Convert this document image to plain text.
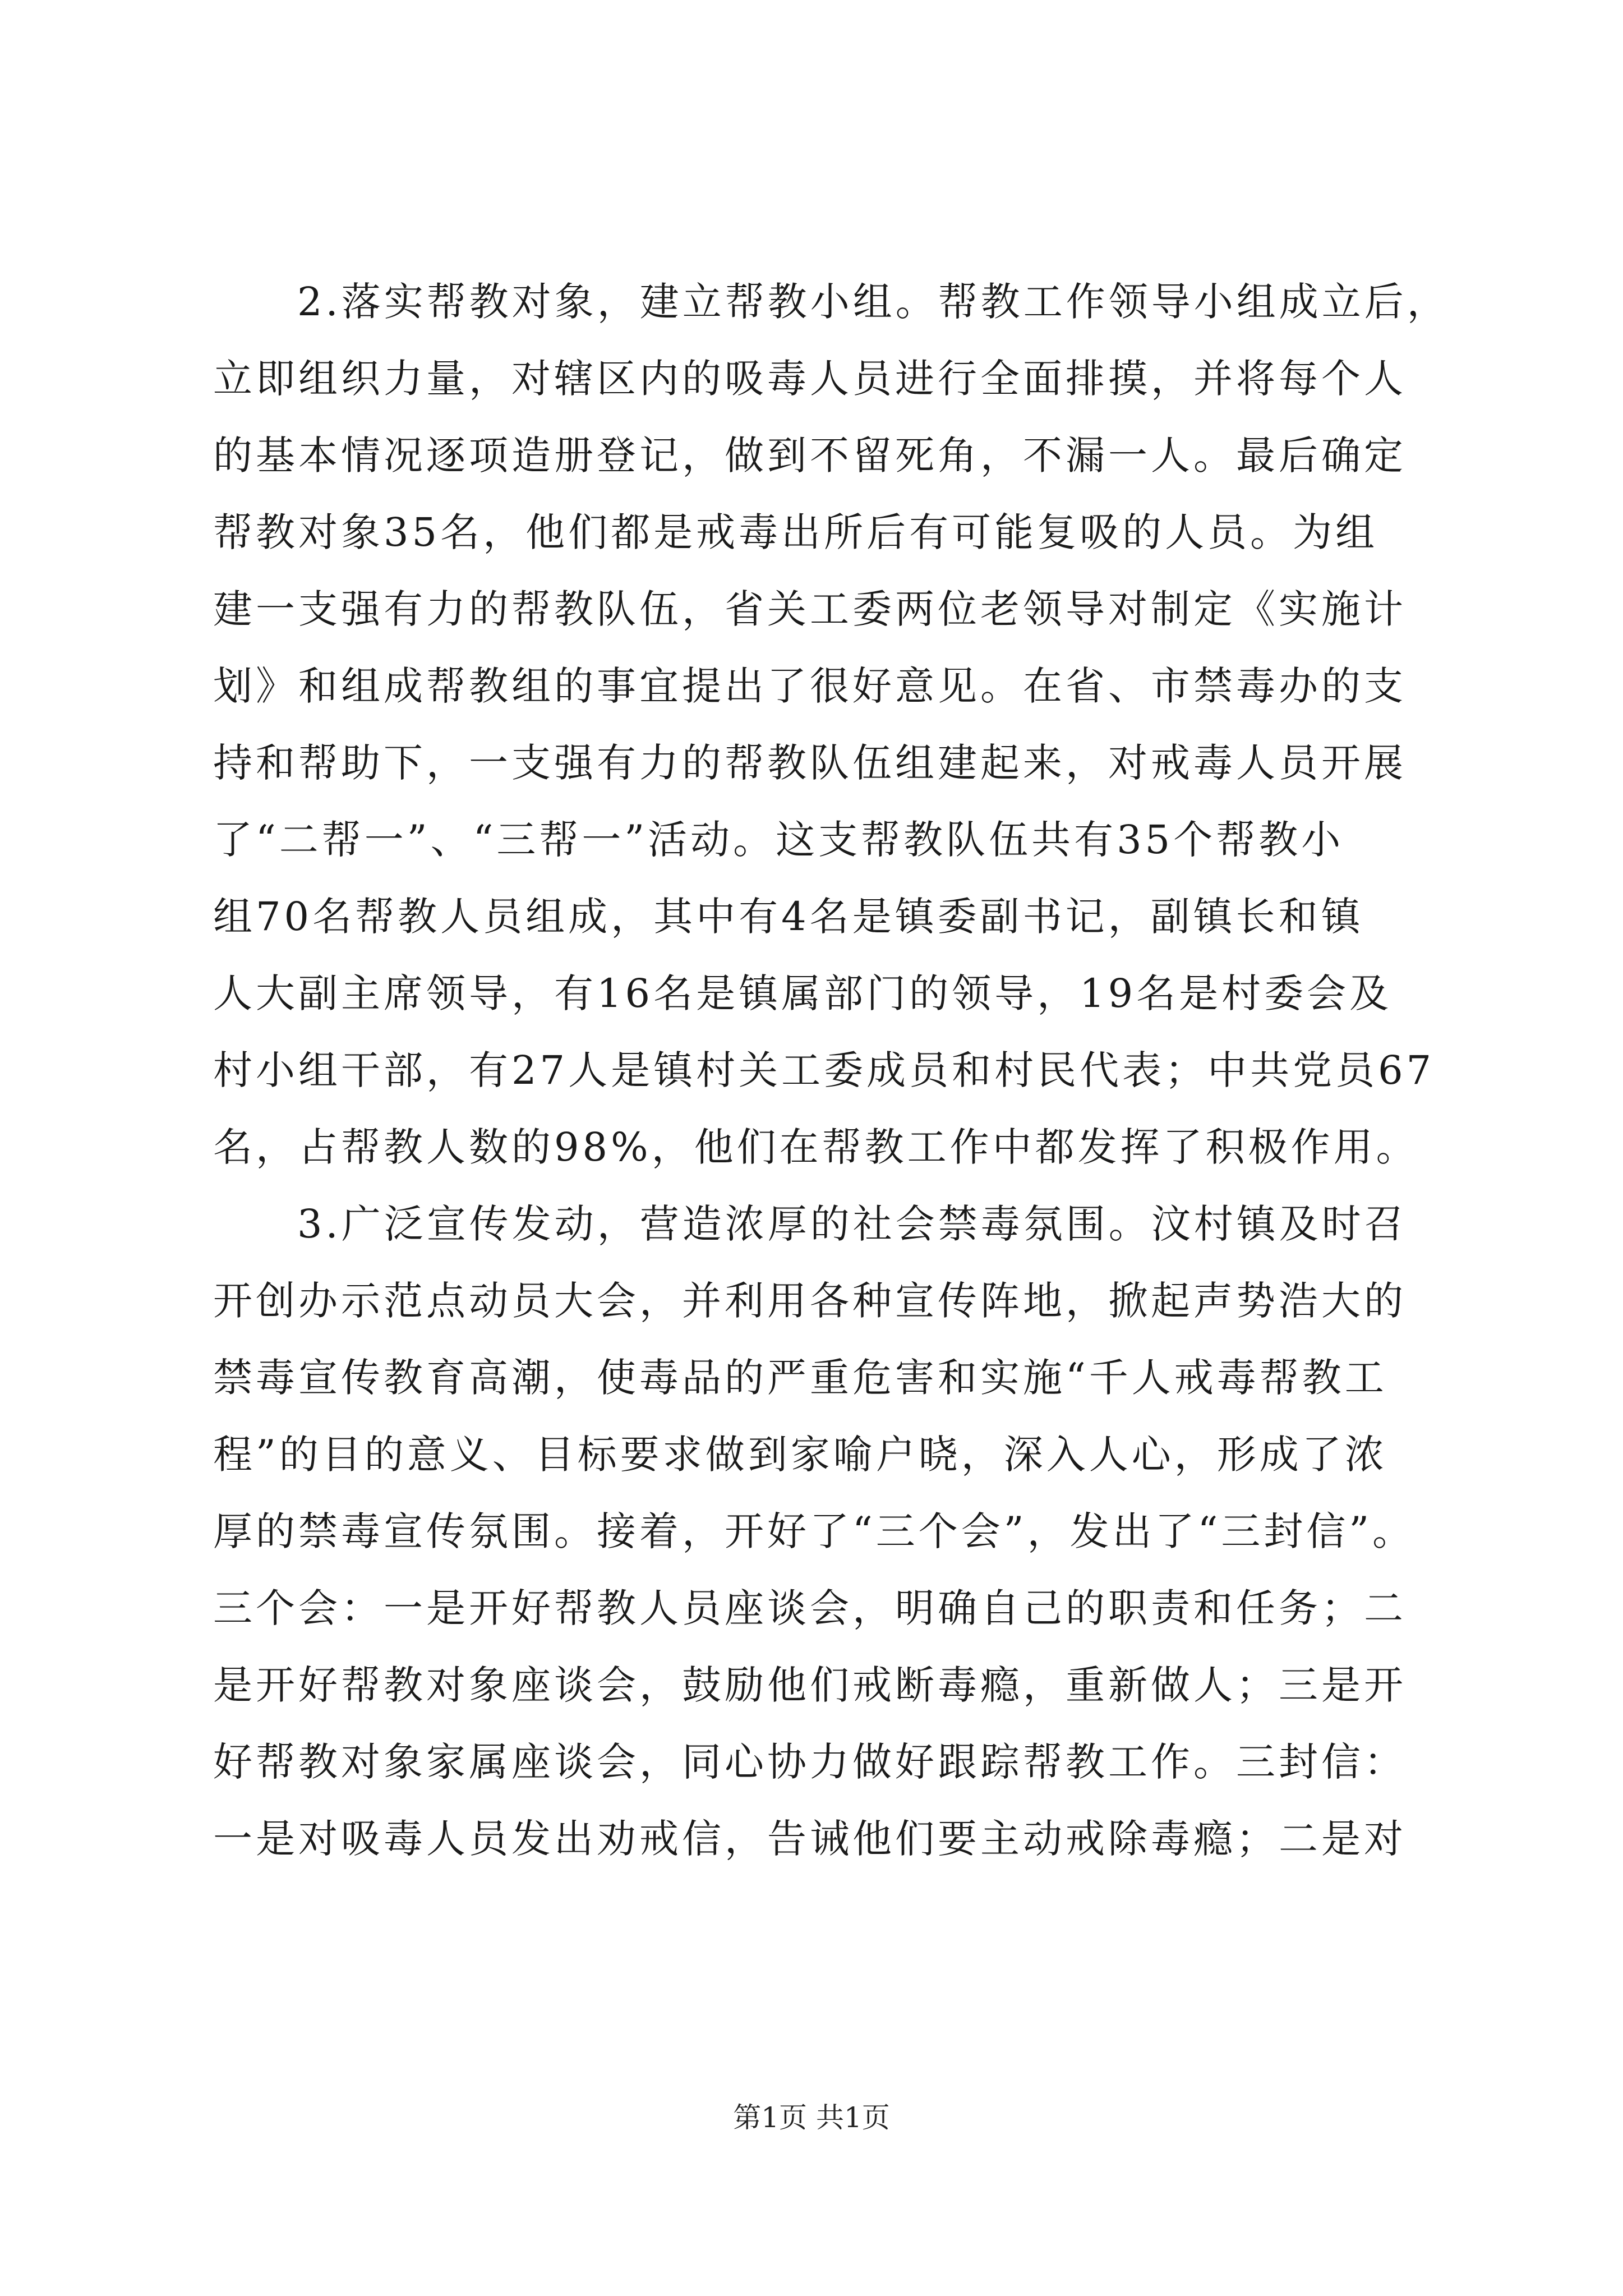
2.落实帮教对象，建立帮教小组。帮教工作领导小组成立后，
立即组织力量，对辖区内的吸毒人员进行全面排摸，并将每个人
的基本情况逐项造册登记，做到不留死角，不漏一人。最后确定
帮教对象35名，他们都是戒毒出所后有可能复吸的人员。为组
建一支强有力的帮教队伍，省关工委两位老领导对制定《实施计
划》和组成帮教组的事宜提出了很好意见。在省、市禁毒办的支
持和帮助下，一支强有力的帮教队伍组建起来，对戒毒人员开展
了“二帮一”、“三帮一”活动。这支帮教队伍共有35个帮教小
组70名帮教人员组成，其中有4名是镇委副书记，副镇长和镇
人大副主席领导，有16名是镇属部门的领导，19名是村委会及
村小组干部，有27人是镇村关工委成员和村民代表；中共党员67
名，占帮教人数的98%，他们在帮教工作中都发挥了积极作用。
3.广泛宣传发动，营造浓厚的社会禁毒氛围。汶村镇及时召
开创办示范点动员大会，并利用各种宣传阵地，掀起声势浩大的
禁毒宣传教育高潮，使毒品的严重危害和实施“千人戒毒帮教工
程”的目的意义、目标要求做到家喻户晓，深入人心，形成了浓
厚的禁毒宣传氛围。接着，开好了“三个会”，发出了“三封信”。
三个会：一是开好帮教人员座谈会，明确自己的职责和任务；二
是开好帮教对象座谈会，鼓励他们戒断毒瘾，重新做人；三是开
好帮教对象家属座谈会，同心协力做好跟踪帮教工作。三封信：
一是对吸毒人员发出劝戒信，告诫他们要主动戒除毒瘾；二是对
第1页 共1页
